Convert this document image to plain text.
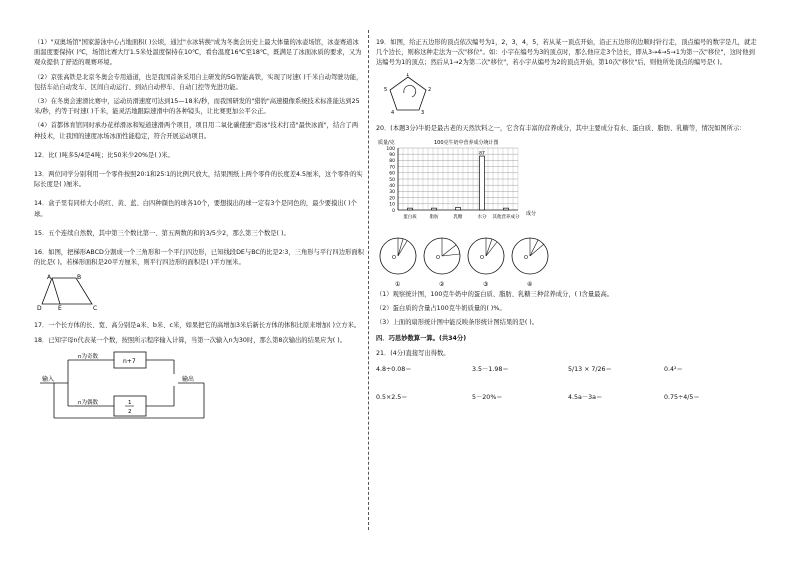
（1）"双奥场馆"国家游泳中心占地面积( )公顷，通过"水冰转换"成为冬奥会历史上最大体量的冰壶场馆，冰壶赛道冰面温度要保持( )℃，场馆比赛大厅1.5米处温度保持在10℃，看台温度16℃至18℃，既满足了冰面冰质的要求，又为观众提供了舒适的观赛环境。

（2）京张高铁是北京冬奥会专用通道，也是我国首条采用自主研发的5G智能高铁，实现了时速( )千米自动驾驶功能，包括车站自动发车、区间自动运行、到站自动停车、自动门控等先进功能。

（3）在冬奥会速滑比赛中，运动员滑速度可达到15—18米/秒，而我国研发的"猎豹"高速摄像系统技术标准能达到25米/秒，约等于时速( )千米，能灵活地跟踪速滑中的各种镜头，让比赛更加公平公正。

（4）首都体育馆同时承办花样滑冰和短道速滑两个项目，项目用二氧化碳使速"造冰"技术打造"最快冰面"，结合了两种技术，让我国的速度冰场冰面性能稳定，符合开展运动项目。

12．比( )吨多5/4是4吨；比50米少20%是( )米。

13．两位同学分别利用一个零件按照20∶1和25∶1的比例尺放大，结果图纸上两个零件的长度差4.5厘米，这个零件的实际长度是( )厘米。

14．盒子里有同样大小的红、黄、蓝、白四种颜色的球各10个，要想摸出的球一定有3个是同色的，最少要摸出( )个球。

15．五个连续自然数，其中第三个数比第一、第五两数的和的3/5少2，那么第三个数是( )。

16．如图，把梯形ABCD分割成一个三角形和一个平行四边形，已知线段DE与BC的比是2∶3，三角形与平行四边形面积的比是( )。若梯形面积是20平方厘米，则平行四边形的面积是( )平方厘米。

A	B
C
D	E

17．一个长方体的长、宽、高分别是a米、b米、c米，如果把它的高增加3米后新长方体的体积比原来增加( )立方米。

18．已知字母n代表某一个数，按照所示程序输入计算，当第一次输入n为30时，那么第8次输出的结果应为( )。

输入	输出
n为奇数
n为偶数
n+7
1
2

19．如图，给正五边形的顶点依次编号为1，2，3，4，5，若从某一顶点开始，沿正五边形的边顺时针行走，顶点编号的数字是几，就走几个边长，则称这种走法为一次"移位"。如：小宇在编号为3的顶点时，那么他应走3个边长，即从3→4→5→1为第一次"移位"，这时他到达编号为1的顶点；然后从1→2为第二次"移位"，若小宇从编号为2的顶点开始，第10次"移位"后，则他所处顶点的编号是( )。

1
2
3
4
5

20．(本题3分)牛奶是最古老的天然饮料之一，它含有丰富的营养成分，其中主要成分有水、蛋白质、脂肪、乳糖等，情况如图所示：

0
10
20
30
40
50
60
70
80
90
100
87
蛋白质	脂肪	乳糖	水分 其他营养成分
质量/克	100克牛奶中营养成分统计图
成分
O
①
O
②
O
③
O
④

（1）观察统计图，100克牛奶中的蛋白质、脂肪、乳糖三种营养成分，( )含量最高。

（2）蛋白质的含量占100克牛奶质量的( )%。

（3）上面的扇形统计图中能反映条形统计图结果的是( )。

四．巧思妙数算一算。(共34分)

21．(4分)直接写出得数。

4.8÷0.08＝	3.5－1.98＝	5/13 × 7/26＝	0.4²＝
0.5×2.5＝	5－20%＝	4.5a－3a＝	0.75÷4/5＝
